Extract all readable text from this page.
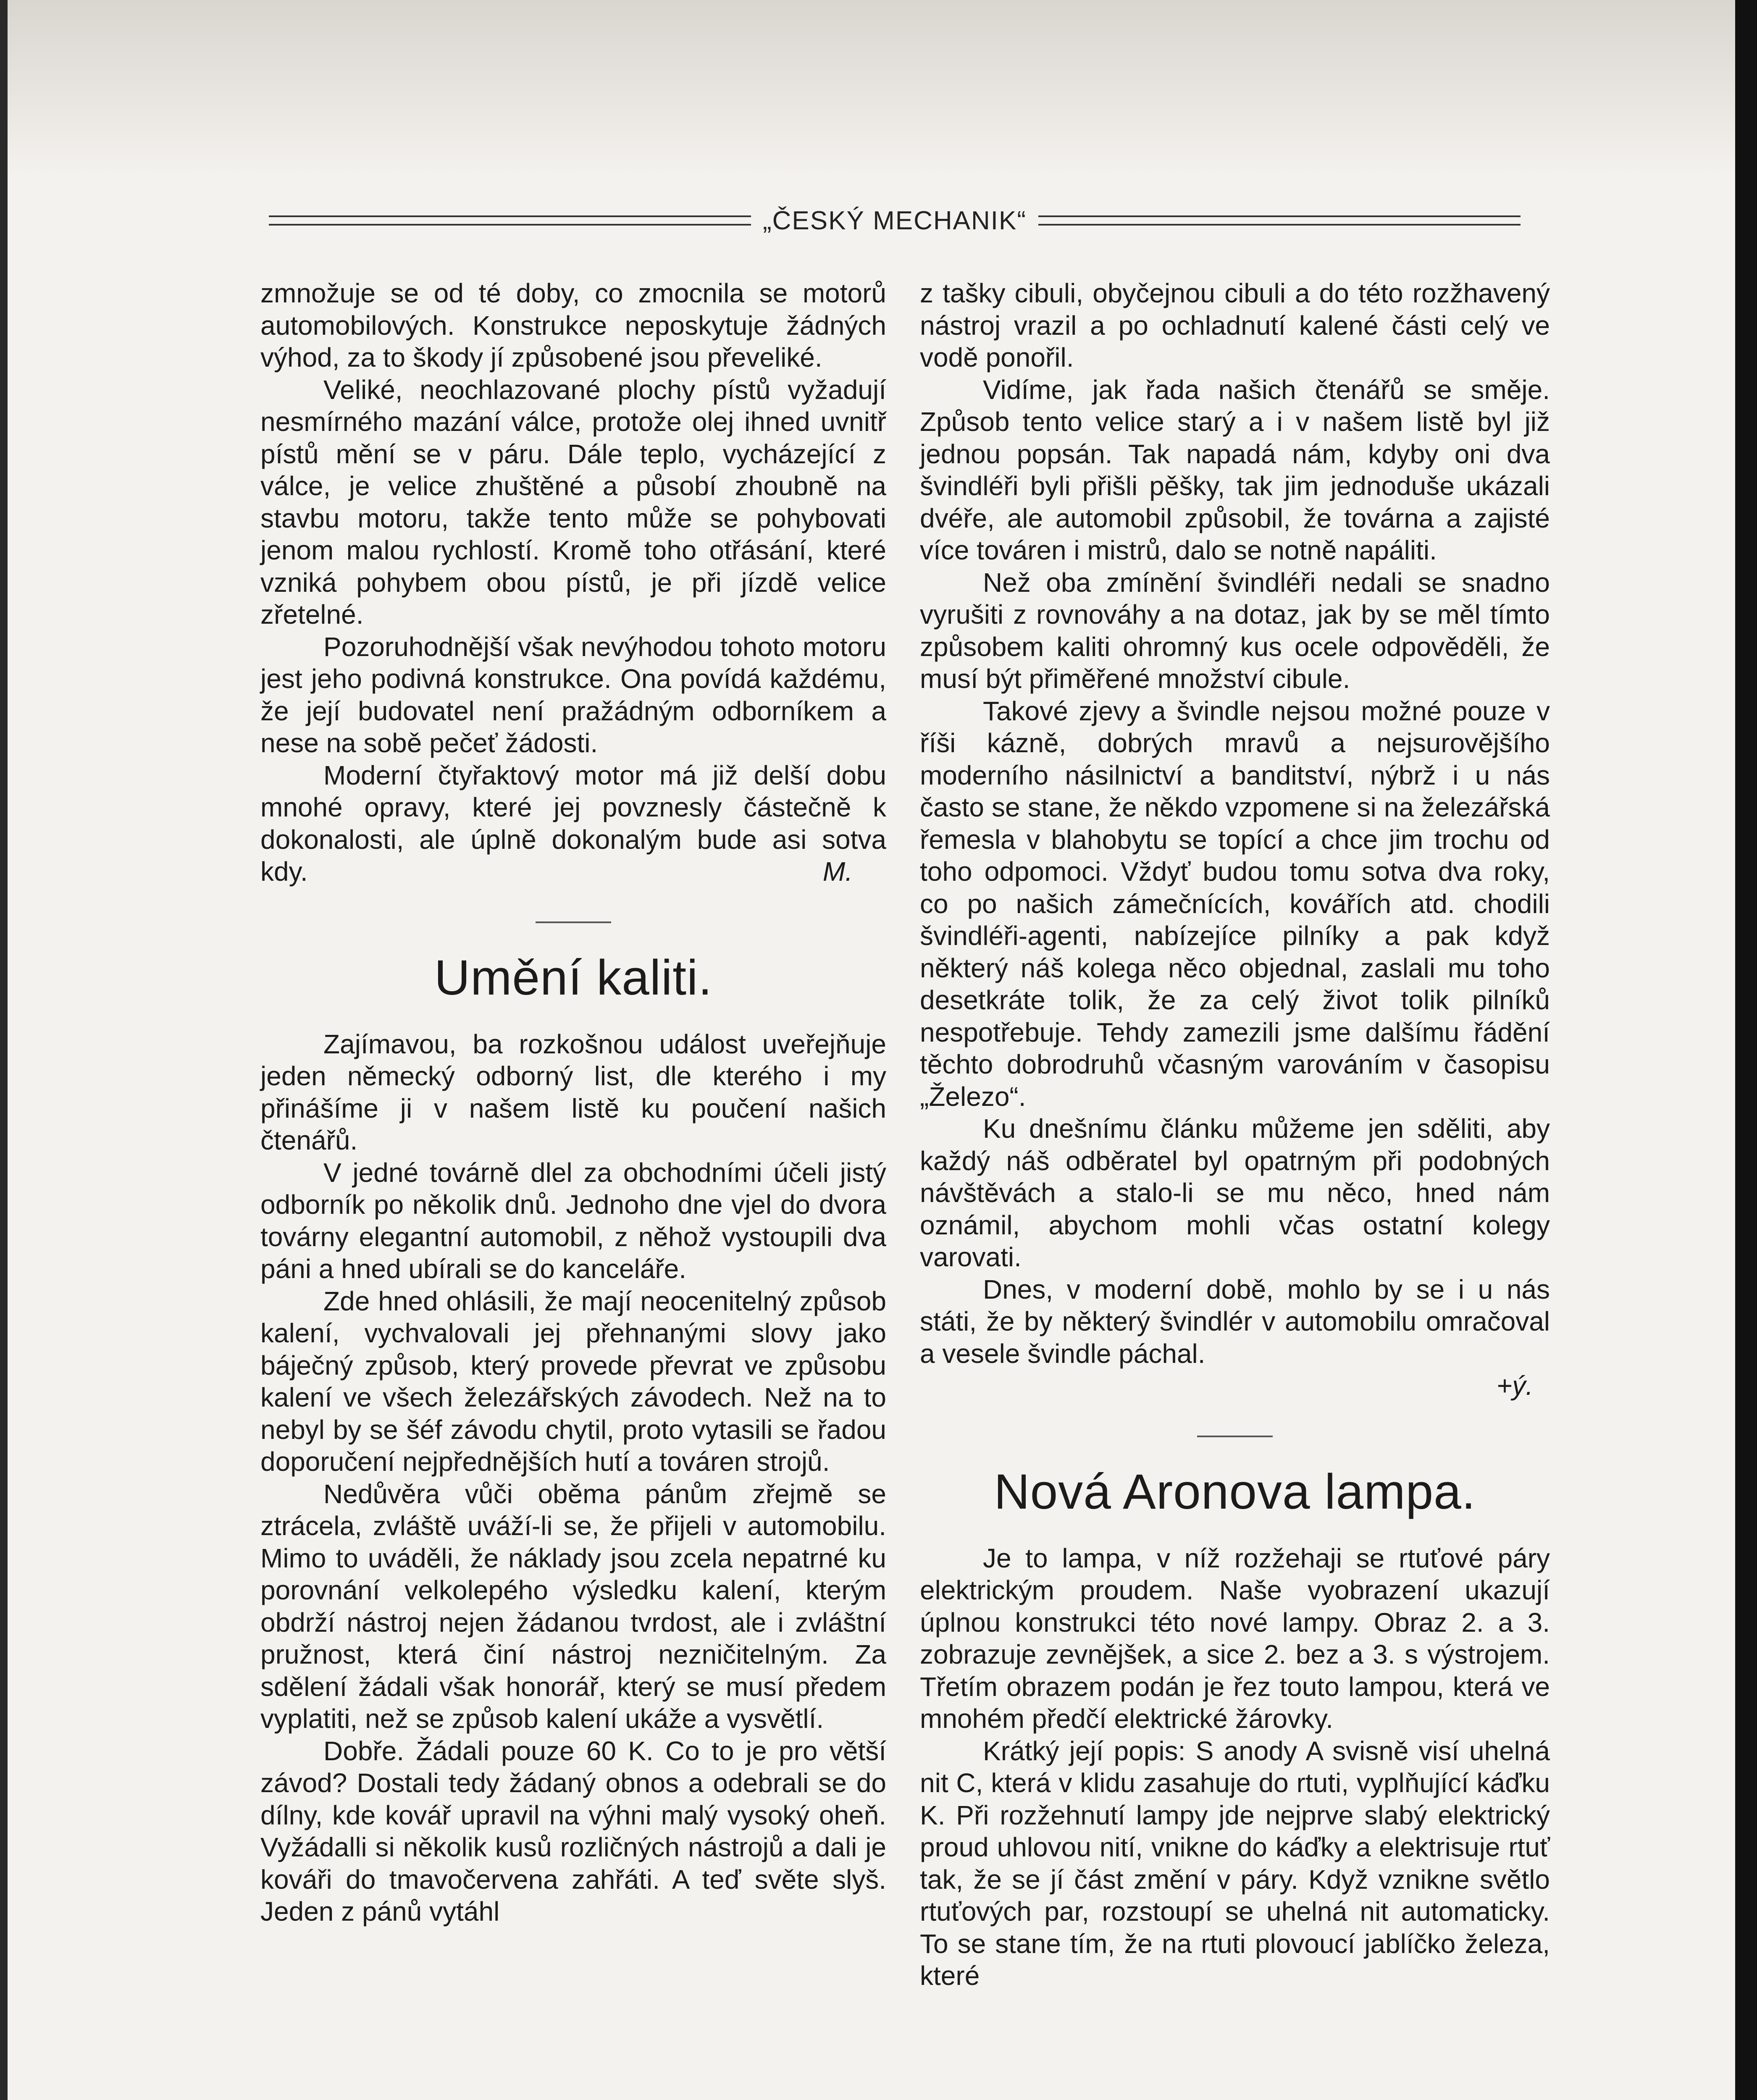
„ČESKÝ MECHANIK“

zmnožuje se od té doby, co zmocnila se motorů automobilových. Konstrukce neposkytuje žádných výhod, za to škody jí způsobené jsou převeliké.

Veliké, neochlazované plochy pístů vyžadují nesmírného mazání válce, protože olej ihned uvnitř pístů mění se v páru. Dále teplo, vycházející z válce, je velice zhuštěné a působí zhoubně na stavbu motoru, takže tento může se pohybovati jenom malou rychlostí. Kromě toho otřásání, které vzniká pohybem obou pístů, je při jízdě velice zřetelné.

Pozoruhodnější však nevýhodou tohoto motoru jest jeho podivná konstrukce. Ona povídá každému, že její budovatel není pražádným odborníkem a nese na sobě pečeť žádosti.

Moderní čtyřaktový motor má již delší dobu mnohé opravy, které jej povznesly částečně k dokonalosti, ale úplně dokonalým bude asi sotva kdy.	M.

Umění kaliti.

Zajímavou, ba rozkošnou událost uveřejňuje jeden německý odborný list, dle kterého i my přinášíme ji v našem listě ku poučení našich čtenářů.

V jedné továrně dlel za obchodními účeli jistý odborník po několik dnů. Jednoho dne vjel do dvora továrny elegantní automobil, z něhož vystoupili dva páni a hned ubírali se do kanceláře.

Zde hned ohlásili, že mají neocenitelný způsob kalení, vychvalovali jej přehnanými slovy jako báječný způsob, který provede převrat ve způsobu kalení ve všech železářských závodech. Než na to nebyl by se šéf závodu chytil, proto vytasili se řadou doporučení nejpřednějších hutí a továren strojů.

Nedůvěra vůči oběma pánům zřejmě se ztrácela, zvláště uváží-li se, že přijeli v automobilu. Mimo to uváděli, že náklady jsou zcela nepatrné ku porovnání velkolepého výsledku kalení, kterým obdrží nástroj nejen žádanou tvrdost, ale i zvláštní pružnost, která činí nástroj nezničitelným. Za sdělení žádali však honorář, který se musí předem vyplatiti, než se způsob kalení ukáže a vysvětlí.

Dobře. Žádali pouze 60 K. Co to je pro větší závod? Dostali tedy žádaný obnos a odebrali se do dílny, kde kovář upravil na výhni malý vysoký oheň. Vyžádalli si několik kusů rozličných nástrojů a dali je kováři do tmavočervena zahřáti. A teď světe slyš. Jeden z pánů vytáhl

z tašky cibuli, obyčejnou cibuli a do této rozžhavený nástroj vrazil a po ochladnutí kalené části celý ve vodě ponořil.

Vidíme, jak řada našich čtenářů se směje. Způsob tento velice starý a i v našem listě byl již jednou popsán. Tak napadá nám, kdyby oni dva švindléři byli přišli pěšky, tak jim jednoduše ukázali dvéře, ale automobil způsobil, že továrna a zajisté více továren i mistrů, dalo se notně napáliti.

Než oba zmínění švindléři nedali se snadno vyrušiti z rovnováhy a na dotaz, jak by se měl tímto způsobem kaliti ohromný kus ocele odpověděli, že musí být přiměřené množství cibule.

Takové zjevy a švindle nejsou možné pouze v říši kázně, dobrých mravů a nejsurovějšího moderního násilnictví a banditství, nýbrž i u nás často se stane, že někdo vzpomene si na železářská řemesla v blahobytu se topící a chce jim trochu od toho odpomoci. Vždyť budou tomu sotva dva roky, co po našich zámečnících, kovářích atd. chodili švindléři-agenti, nabízejíce pilníky a pak když některý náš kolega něco objednal, zaslali mu toho desetkráte tolik, že za celý život tolik pilníků nespotřebuje. Tehdy zamezili jsme dalšímu řádění těchto dobrodruhů včasným varováním v časopisu „Železo“.

Ku dnešnímu článku můžeme jen sděliti, aby každý náš odběratel byl opatrným při podobných návštěvách a stalo-li se mu něco, hned nám oznámil, abychom mohli včas ostatní kolegy varovati.

Dnes, v moderní době, mohlo by se i u nás státi, že by některý švindlér v automobilu omračoval a vesele švindle páchal.

+ý.

Nová Aronova lampa.

Je to lampa, v níž rozžehaji se rtuťové páry elektrickým proudem. Naše vyobrazení ukazují úplnou konstrukci této nové lampy. Obraz 2. a 3. zobrazuje zevnějšek, a sice 2. bez a 3. s výstrojem. Třetím obrazem podán je řez touto lampou, která ve mnohém předčí elektrické žárovky.

Krátký její popis: S anody A svisně visí uhelná nit C, která v klidu zasahuje do rtuti, vyplňující káďku K. Při rozžehnutí lampy jde nejprve slabý elektrický proud uhlovou nití, vnikne do káďky a elektrisuje rtuť tak, že se jí část změní v páry. Když vznikne světlo rtuťových par, rozstoupí se uhelná nit automaticky. To se stane tím, že na rtuti plovoucí jablíčko železa, které
